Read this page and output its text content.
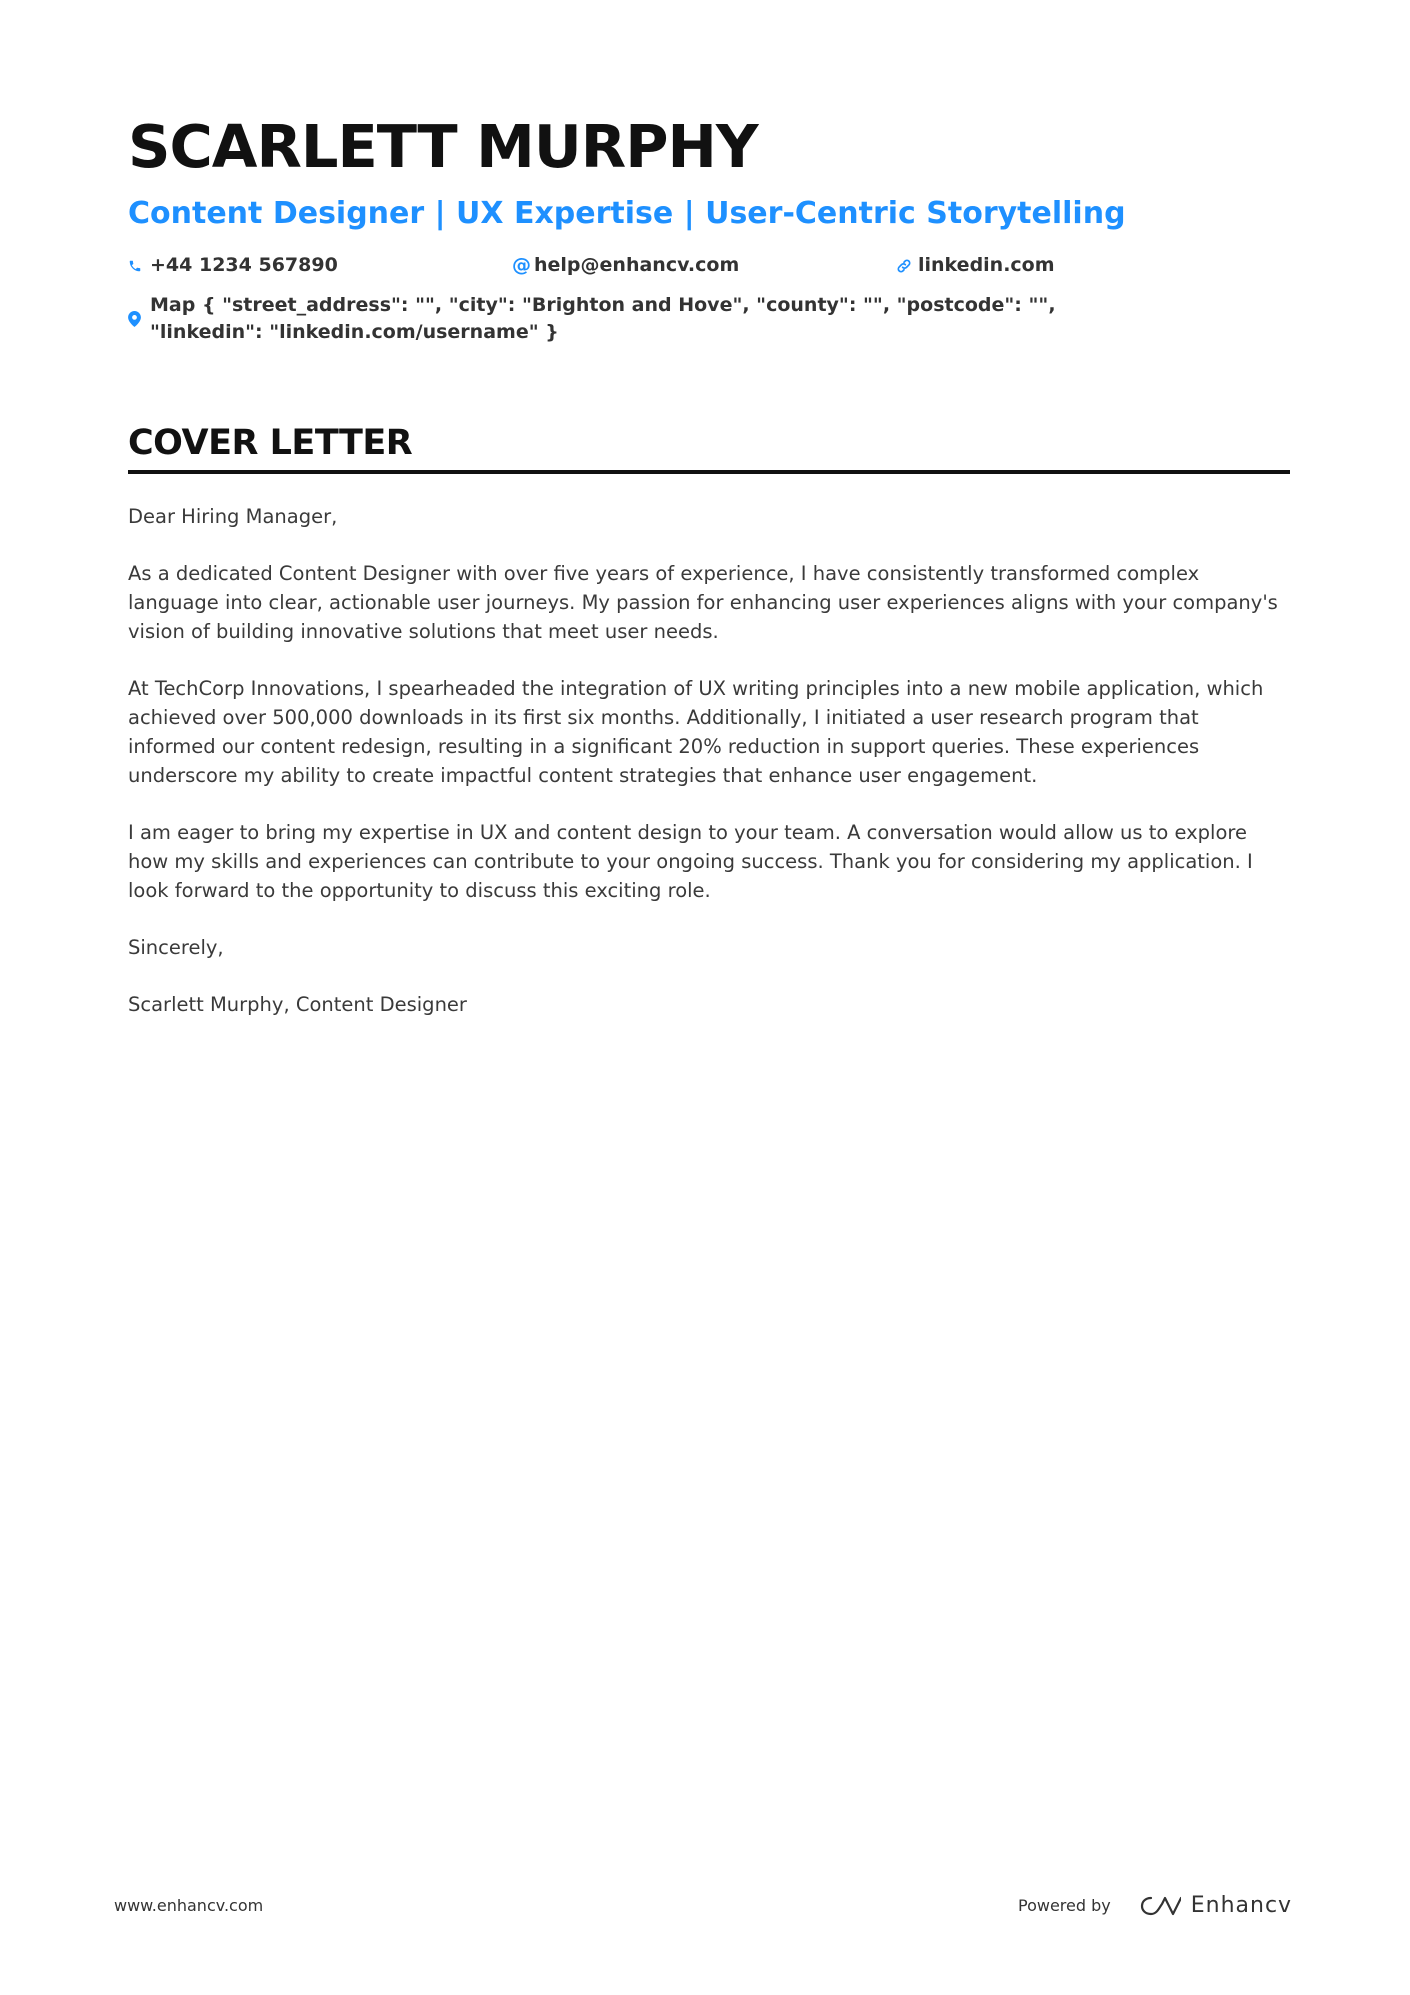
SCARLETT MURPHY
Content Designer | UX Expertise | User-Centric Storytelling
+44 1234 567890	@ help@enhancv.com	linkedin.com
Map { "street_address": "", "city": "Brighton and Hove", "county": "", "postcode": "", "linkedin": "linkedin.com/username" }
COVER LETTER

Dear Hiring Manager,

As a dedicated Content Designer with over five years of experience, I have consistently transformed complex language into clear, actionable user journeys. My passion for enhancing user experiences aligns with your company's vision of building innovative solutions that meet user needs.

At TechCorp Innovations, I spearheaded the integration of UX writing principles into a new mobile application, which achieved over 500,000 downloads in its first six months. Additionally, I initiated a user research program that informed our content redesign, resulting in a significant 20% reduction in support queries. These experiences underscore my ability to create impactful content strategies that enhance user engagement.

I am eager to bring my expertise in UX and content design to your team. A conversation would allow us to explore how my skills and experiences can contribute to your ongoing success. Thank you for considering my application. I look forward to the opportunity to discuss this exciting role.

Sincerely,

Scarlett Murphy, Content Designer

www.enhancv.com	Powered by	Enhancv
